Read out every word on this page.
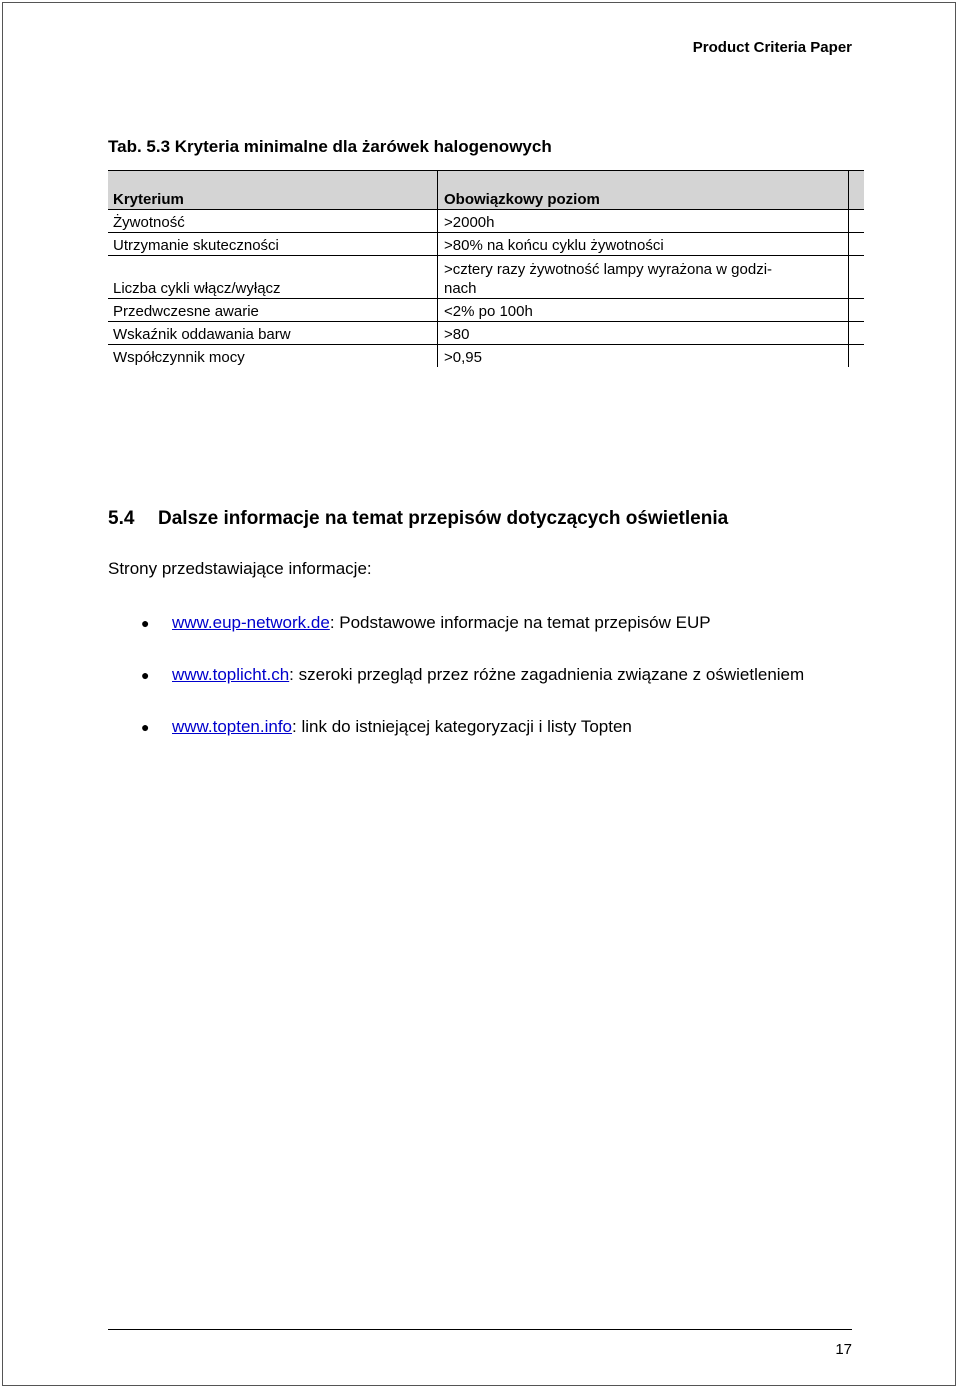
Product Criteria Paper
Tab. 5.3 Kryteria minimalne dla żarówek halogenowych
Kryterium	Obowiązkowy poziom	
Żywotność	>2000h	
Utrzymanie skuteczności	>80% na końcu cyklu żywotności	
Liczba cykli włącz/wyłącz	>cztery razy żywotność lampy wyrażona w godzi-
nach	

Przedwczesne awarie	<2% po 100h	
Wskaźnik oddawania barw	>80	
Współczynnik mocy	>0,95	
5.4 Dalsze informacje na temat przepisów dotyczących oświetlenia
Strony przedstawiające informacje:
● www.eup-network.de: Podstawowe informacje na temat przepisów EUP
● www.toplicht.ch: szeroki przegląd przez różne zagadnienia związane z oświetleniem
● www.topten.info: link do istniejącej kategoryzacji i listy Topten
17
